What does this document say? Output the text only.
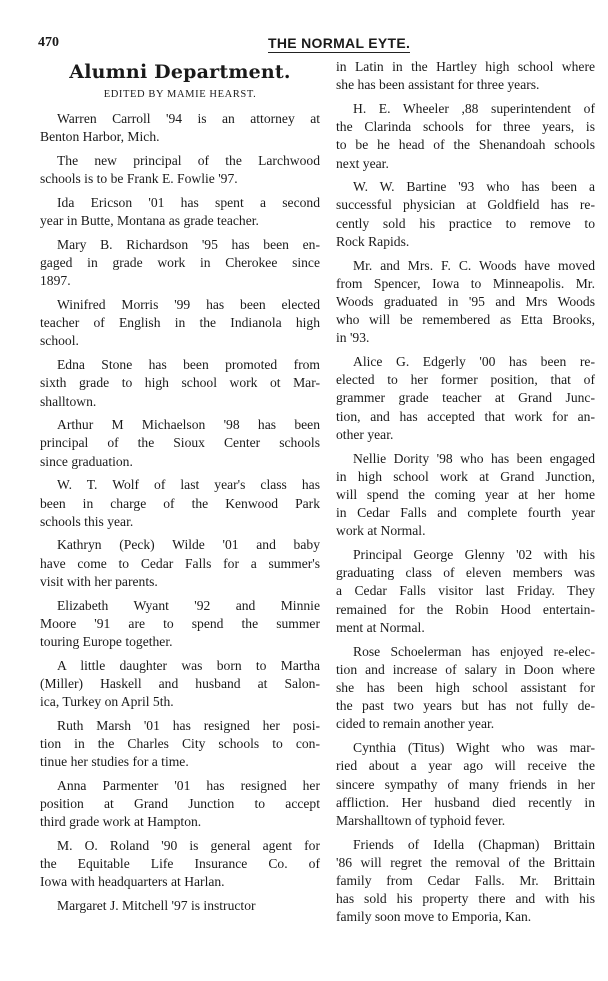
470	THE NORMAL EYTE.
Alumni Department.
EDITED BY MAMIE HEARST.
Warren Carroll '94 is an attorney at
Benton Harbor, Mich.
The new principal of the Larchwood
schools is to be Frank E. Fowlie '97.
Ida Ericson '01 has spent a second
year in Butte, Montana as grade teacher.
Mary B. Richardson '95 has been en-
gaged in grade work in Cherokee since
1897.
Winifred Morris '99 has been elected
teacher of English in the Indianola high
school.
Edna Stone has been promoted from
sixth grade to high school work ot Mar-
shalltown.
Arthur M Michaelson '98 has been
principal of the Sioux Center schools
since graduation.
W. T. Wolf of last year's class has
been in charge of the Kenwood Park
schools this year.
Kathryn (Peck) Wilde '01 and baby
have come to Cedar Falls for a summer's
visit with her parents.
Elizabeth Wyant '92 and Minnie
Moore '91 are to spend the summer
touring Europe together.
A little daughter was born to Martha
(Miller) Haskell and husband at Salon-
ica, Turkey on April 5th.
Ruth Marsh '01 has resigned her posi-
tion in the Charles City schools to con-
tinue her studies for a time.
Anna Parmenter '01 has resigned her
position at Grand Junction to accept
third grade work at Hampton.
M. O. Roland '90 is general agent for
the Equitable Life Insurance Co. of
Iowa with headquarters at Harlan.
Margaret J. Mitchell '97 is instructor
in Latin in the Hartley high school where
she has been assistant for three years.
H. E. Wheeler ,88 superintendent of
the Clarinda schools for three years, is
to be he head of the Shenandoah schools
next year.
W. W. Bartine '93 who has been a
successful physician at Goldfield has re-
cently sold his practice to remove to
Rock Rapids.
Mr. and Mrs. F. C. Woods have moved
from Spencer, Iowa to Minneapolis. Mr.
Woods graduated in '95 and Mrs Woods
who will be remembered as Etta Brooks,
in '93.
Alice G. Edgerly '00 has been re-
elected to her former position, that of
grammer grade teacher at Grand Junc-
tion, and has accepted that work for an-
other year.
Nellie Dority '98 who has been engaged
in high school work at Grand Junction,
will spend the coming year at her home
in Cedar Falls and complete fourth year
work at Normal.
Principal George Glenny '02 with his
graduating class of eleven members was
a Cedar Falls visitor last Friday. They
remained for the Robin Hood entertain-
ment at Normal.
Rose Schoelerman has enjoyed re-elec-
tion and increase of salary in Doon where
she has been high school assistant for
the past two years but has not fully de-
cided to remain another year.
Cynthia (Titus) Wight who was mar-
ried about a year ago will receive the
sincere sympathy of many friends in her
affliction. Her husband died recently in
Marshalltown of typhoid fever.
Friends of Idella (Chapman) Brittain
'86 will regret the removal of the Brittain
family from Cedar Falls. Mr. Brittain
has sold his property there and with his
family soon move to Emporia, Kan.
